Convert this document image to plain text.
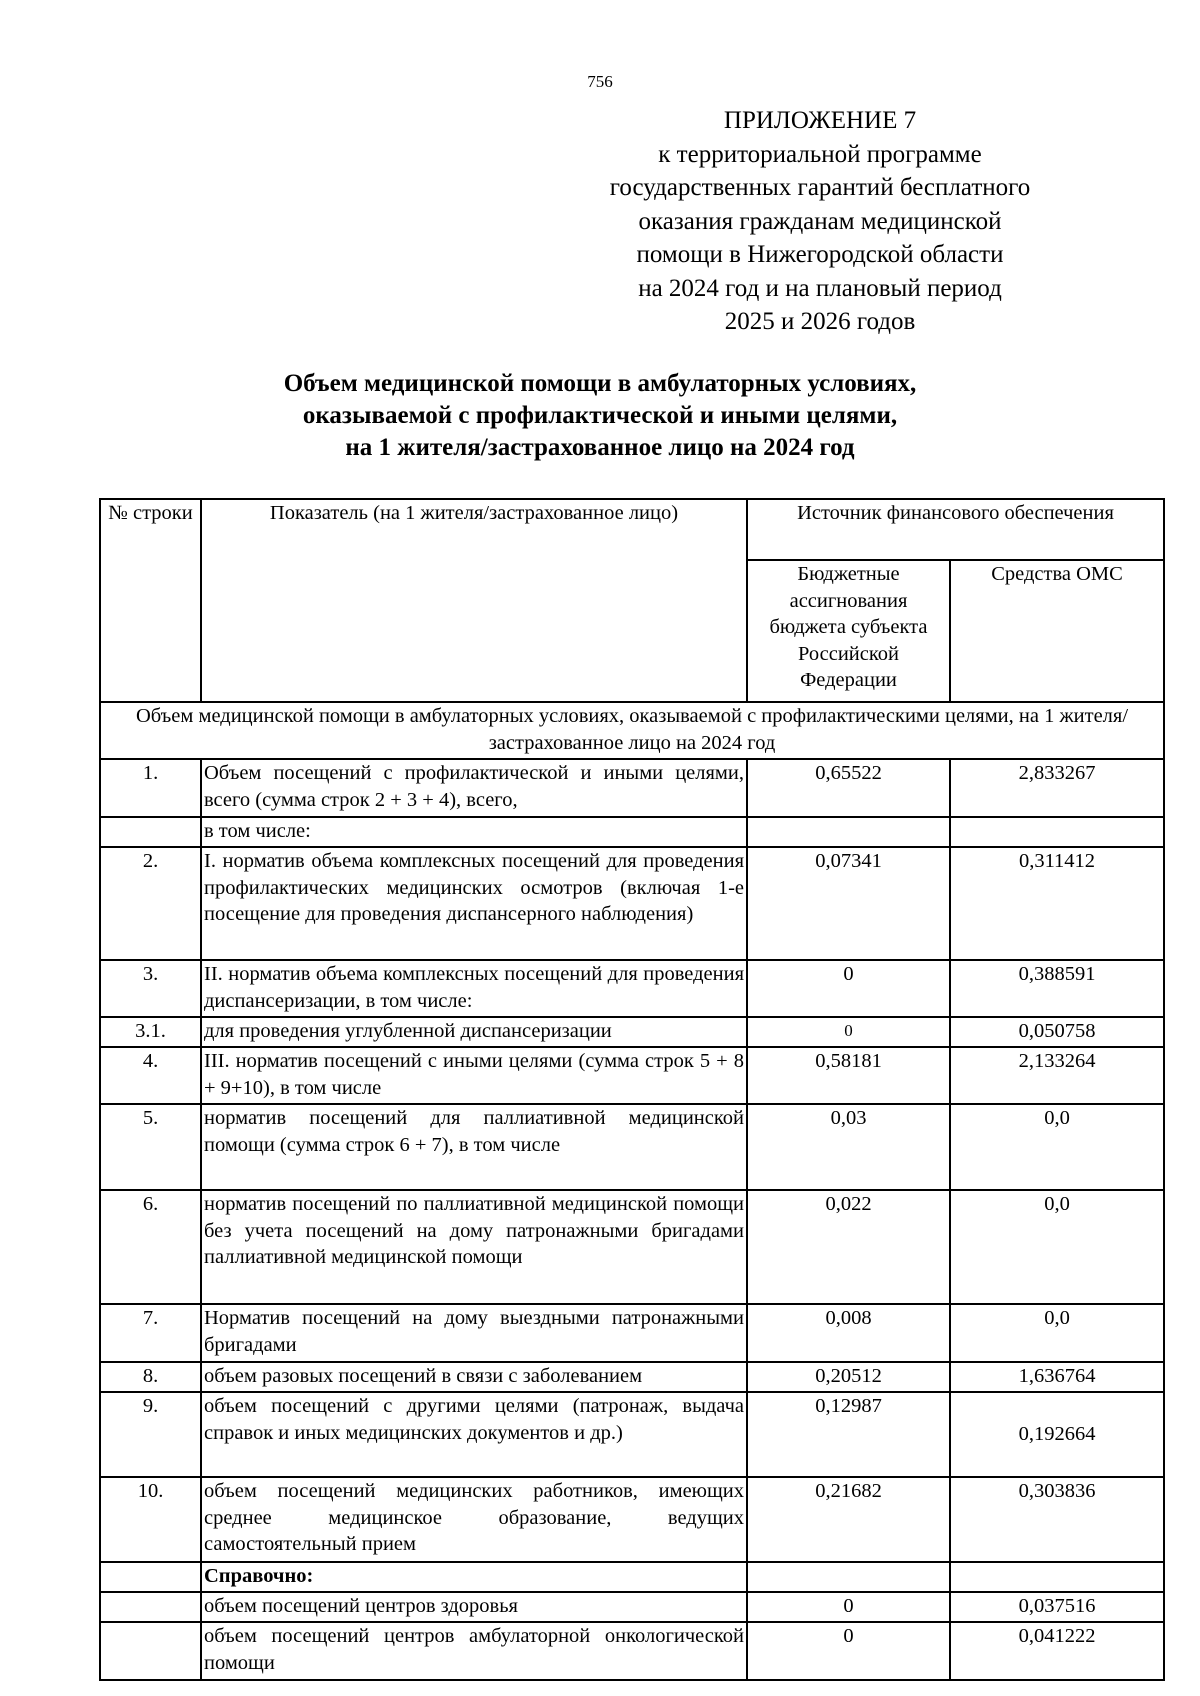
756
ПРИЛОЖЕНИЕ 7
к территориальной программе
государственных гарантий бесплатного
оказания гражданам медицинской
помощи в Нижегородской области
на 2024 год и на плановый период
2025 и 2026 годов
Объем медицинской помощи в амбулаторных условиях,
оказываемой с профилактической и иными целями,
на 1 жителя/застрахованное лицо на 2024 год
№ строки	Показатель (на 1 жителя/застрахованное лицо)	Источник финансового обеспечения	
		Бюджетные ассигнования бюджета субъекта Российской Федерации	Средства ОМС
Объем медицинской помощи в амбулаторных условиях, оказываемой с профилактическими целями, на 1 жителя/застрахованное лицо на 2024 год			
1.	Объем посещений с профилактической и иными целями, всего (сумма строк 2 + 3 + 4), всего,	0,65522	2,833267
	в том числе:		
2.	I. норматив объема комплексных посещений для проведения профилактических медицинских осмотров (включая 1-е посещение для проведения диспансерного наблюдения)	0,07341	0,311412
3.	II. норматив объема комплексных посещений для проведения диспансеризации, в том числе:	0	0,388591
3.1.	для проведения углубленной диспансеризации	0	0,050758
4.	III. норматив посещений с иными целями (сумма строк 5 + 8 + 9+10), в том числе	0,58181	2,133264
5.	норматив посещений для паллиативной медицинской помощи (сумма строк 6 + 7), в том числе	0,03	0,0
6.	норматив посещений по паллиативной медицинской помощи без учета посещений на дому патронажными бригадами паллиативной медицинской помощи	0,022	0,0
7.	Норматив посещений на дому выездными патронажными бригадами	0,008	0,0
8.	объем разовых посещений в связи с заболеванием	0,20512	1,636764
9.	объем посещений с другими целями (патронаж, выдача справок и иных медицинских документов и др.)	0,12987	0,192664
10.	объем посещений медицинских работников, имеющих среднее медицинское образование, ведущих самостоятельный прием	0,21682	0,303836
	Справочно:		
	объем посещений центров здоровья	0	0,037516
	объем посещений центров амбулаторной онкологической помощи	0	0,041222
